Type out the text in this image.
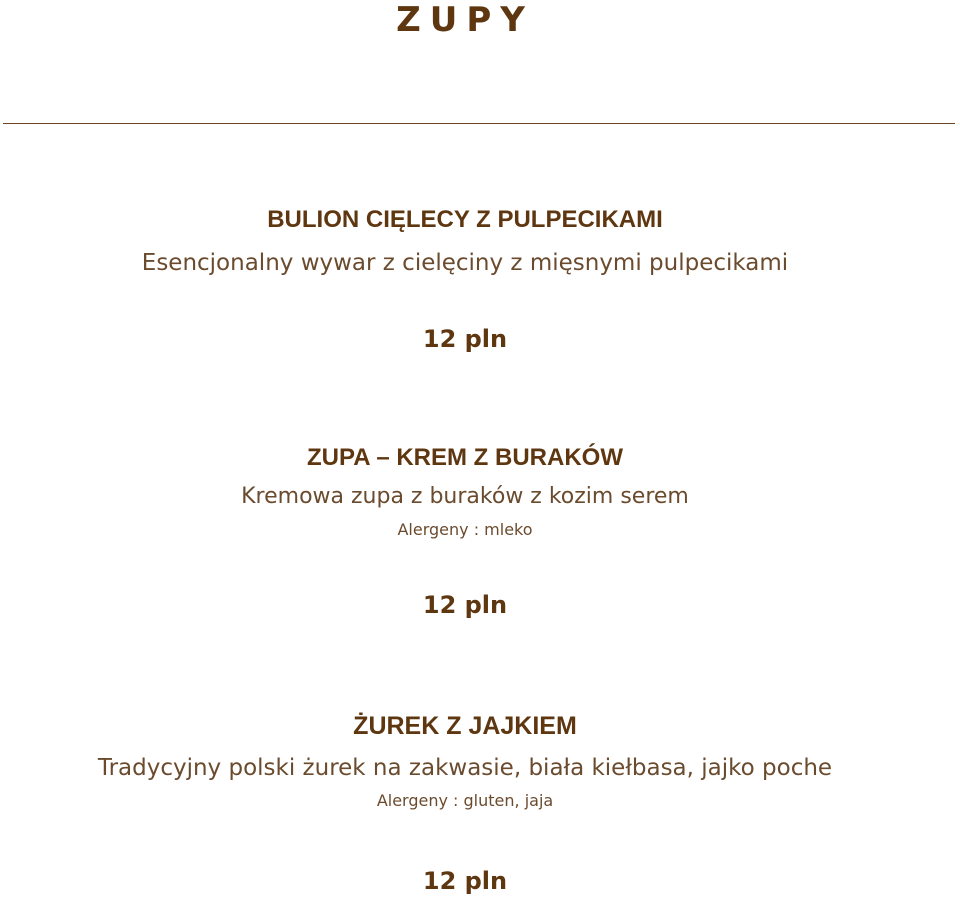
ZUPY
BULION CIĘLECY Z PULPECIKAMI
Esencjonalny wywar z cielęciny z mięsnymi pulpecikami
12 pln
ZUPA – KREM Z BURAKÓW
Kremowa zupa z buraków z kozim serem
Alergeny : mleko
12 pln
ŻUREK Z JAJKIEM
Tradycyjny polski żurek na zakwasie, biała kiełbasa, jajko poche
Alergeny : gluten, jaja
12 pln
